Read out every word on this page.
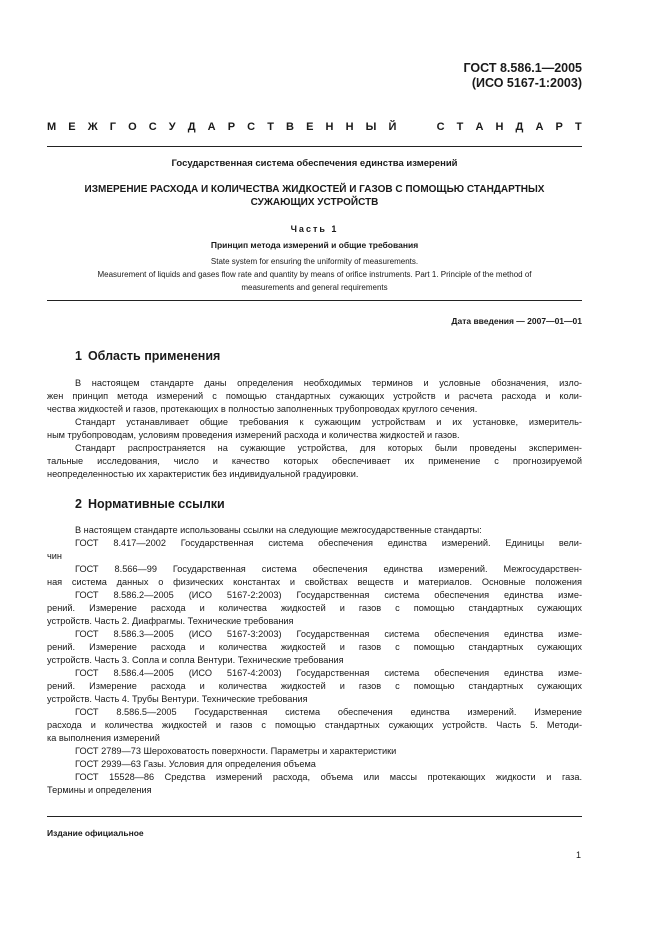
ГОСТ 8.586.1—2005
(ИСО 5167-1:2003)
М Е Ж Г О С У Д А Р С Т В Е Н Н Ы Й	С Т А Н Д А Р Т
Государственная система обеспечения единства измерений
ИЗМЕРЕНИЕ РАСХОДА И КОЛИЧЕСТВА ЖИДКОСТЕЙ И ГАЗОВ С ПОМОЩЬЮ СТАНДАРТНЫХ
СУЖАЮЩИХ УСТРОЙСТВ
Часть 1
Принцип метода измерений и общие требования
State system for ensuring the uniformity of measurements.
Measurement of liquids and gases flow rate and quantity by means of orifice instruments. Part 1. Principle of the method of
measurements and general requirements
Дата введения — 2007—01—01
1 Область применения
В настоящем стандарте даны определения необходимых терминов и условные обозначения, изло-
жен принцип метода измерений с помощью стандартных сужающих устройств и расчета расхода и коли-
чества жидкостей и газов, протекающих в полностью заполненных трубопроводах круглого сечения.
Стандарт устанавливает общие требования к сужающим устройствам и их установке, измеритель-
ным трубопроводам, условиям проведения измерений расхода и количества жидкостей и газов.
Стандарт распространяется на сужающие устройства, для которых были проведены эксперимен-
тальные исследования, число и качество которых обеспечивает их применение с прогнозируемой
неопределенностью их характеристик без индивидуальной градуировки.
2 Нормативные ссылки
В настоящем стандарте использованы ссылки на следующие межгосударственные стандарты:
ГОСТ 8.417—2002 Государственная система обеспечения единства измерений. Единицы вели-
чин
ГОСТ 8.566—99 Государственная система обеспечения единства измерений. Межгосударствен-
ная система данных о физических константах и свойствах веществ и материалов. Основные положения
ГОСТ 8.586.2—2005 (ИСО 5167-2:2003) Государственная система обеспечения единства изме-
рений. Измерение расхода и количества жидкостей и газов с помощью стандартных сужающих
устройств. Часть 2. Диафрагмы. Технические требования
ГОСТ 8.586.3—2005 (ИСО 5167-3:2003) Государственная система обеспечения единства изме-
рений. Измерение расхода и количества жидкостей и газов с помощью стандартных сужающих
устройств. Часть 3. Сопла и сопла Вентури. Технические требования
ГОСТ 8.586.4—2005 (ИСО 5167-4:2003) Государственная система обеспечения единства изме-
рений. Измерение расхода и количества жидкостей и газов с помощью стандартных сужающих
устройств. Часть 4. Трубы Вентури. Технические требования
ГОСТ 8.586.5—2005 Государственная система обеспечения единства измерений. Измерение
расхода и количества жидкостей и газов с помощью стандартных сужающих устройств. Часть 5. Методи-
ка выполнения измерений
ГОСТ 2789—73 Шероховатость поверхности. Параметры и характеристики
ГОСТ 2939—63 Газы. Условия для определения объема
ГОСТ 15528—86 Средства измерений расхода, объема или массы протекающих жидкости и газа.
Термины и определения
Издание официальное
1
